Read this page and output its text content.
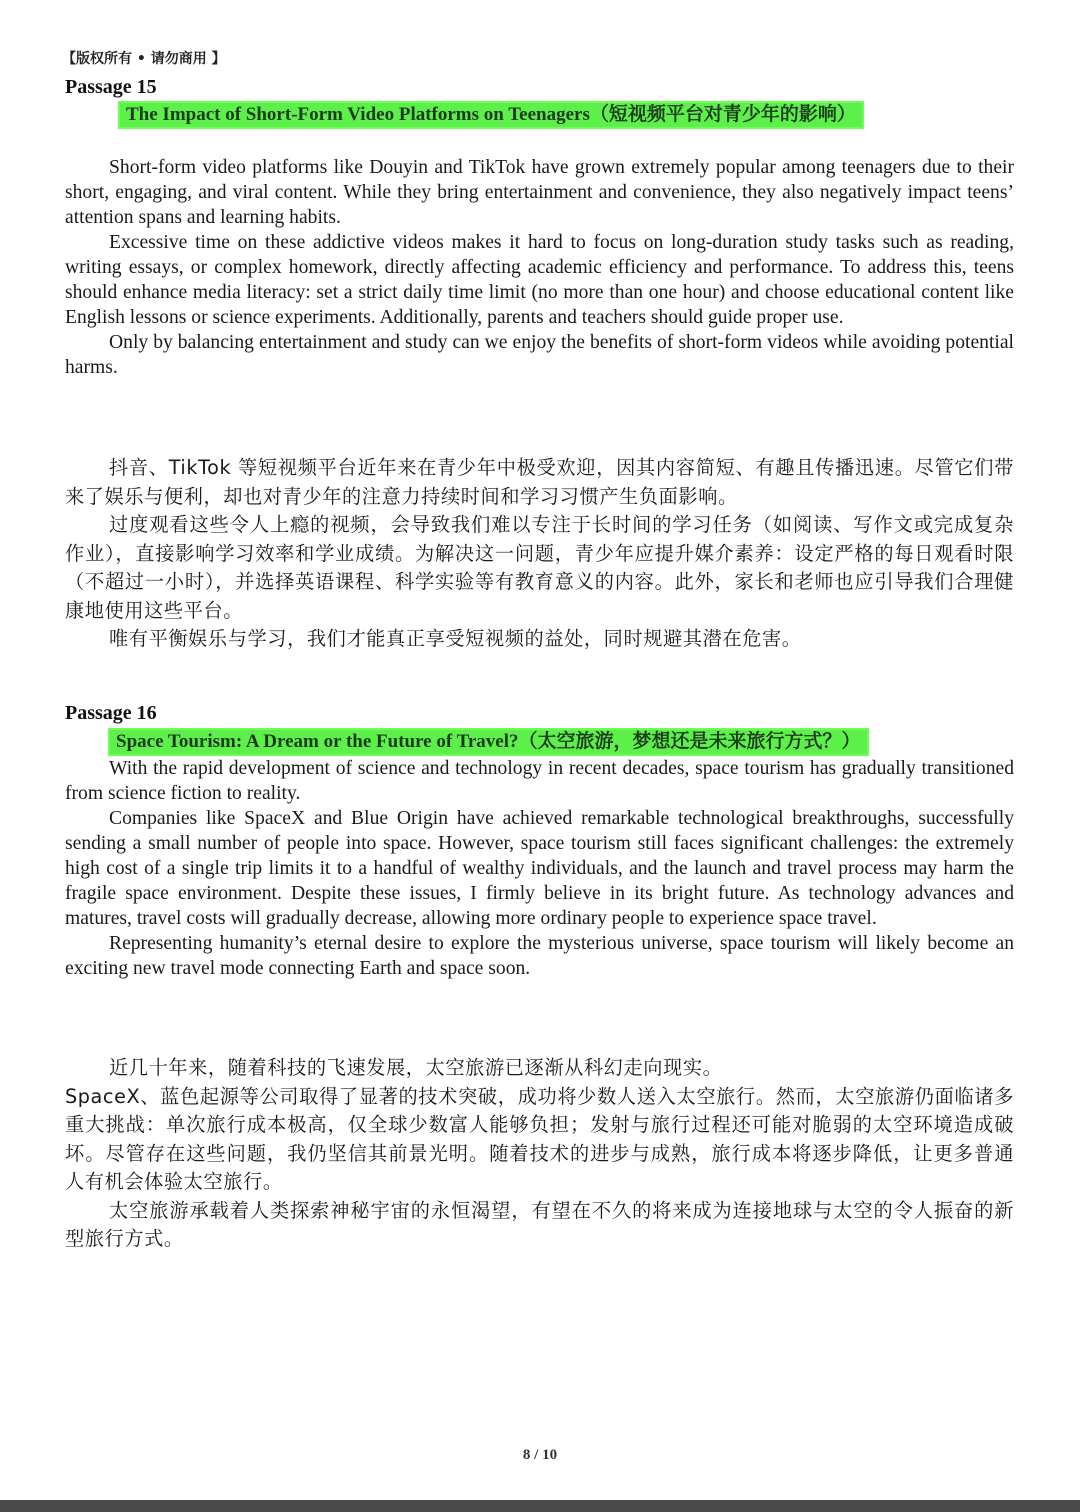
【版权所有 • 请勿商用 】
Passage 15
The Impact of Short-Form Video Platforms on Teenagers（短视频平台对青少年的影响）

Short-form video platforms like Douyin and TikTok have grown extremely popular among teenagers due to their short, engaging, and viral content. While they bring entertainment and convenience, they also negatively impact teens’ attention spans and learning habits.

Excessive time on these addictive videos makes it hard to focus on long-duration study tasks such as reading, writing essays, or complex homework, directly affecting academic efficiency and performance. To address this, teens should enhance media literacy: set a strict daily time limit (no more than one hour) and choose educational content like English lessons or science experiments. Additionally, parents and teachers should guide proper use.

Only by balancing entertainment and study can we enjoy the benefits of short-form videos while avoiding potential harms.

抖音、TikTok 等短视频平台近年来在青少年中极受欢迎，因其内容简短、有趣且传播迅速。尽管它们带来了娱乐与便利，却也对青少年的注意力持续时间和学习习惯产生负面影响。

过度观看这些令人上瘾的视频，会导致我们难以专注于长时间的学习任务（如阅读、写作文或完成复杂作业），直接影响学习效率和学业成绩。为解决这一问题，青少年应提升媒介素养：设定严格的每日观看时限（不超过一小时），并选择英语课程、科学实验等有教育意义的内容。此外，家长和老师也应引导我们合理健康地使用这些平台。

唯有平衡娱乐与学习，我们才能真正享受短视频的益处，同时规避其潜在危害。

Passage 16
Space Tourism: A Dream or the Future of Travel?（太空旅游，梦想还是未来旅行方式？）

With the rapid development of science and technology in recent decades, space tourism has gradually transitioned from science fiction to reality.

Companies like SpaceX and Blue Origin have achieved remarkable technological breakthroughs, successfully sending a small number of people into space. However, space tourism still faces significant challenges: the extremely high cost of a single trip limits it to a handful of wealthy individuals, and the launch and travel process may harm the fragile space environment. Despite these issues, I firmly believe in its bright future. As technology advances and matures, travel costs will gradually decrease, allowing more ordinary people to experience space travel.

Representing humanity’s eternal desire to explore the mysterious universe, space tourism will likely become an exciting new travel mode connecting Earth and space soon.

近几十年来，随着科技的飞速发展，太空旅游已逐渐从科幻走向现实。

SpaceX、蓝色起源等公司取得了显著的技术突破，成功将少数人送入太空旅行。然而，太空旅游仍面临诸多重大挑战：单次旅行成本极高，仅全球少数富人能够负担；发射与旅行过程还可能对脆弱的太空环境造成破坏。尽管存在这些问题，我仍坚信其前景光明。随着技术的进步与成熟，旅行成本将逐步降低，让更多普通人有机会体验太空旅行。

太空旅游承载着人类探索神秘宇宙的永恒渴望，有望在不久的将来成为连接地球与太空的令人振奋的新型旅行方式。

8 / 10
